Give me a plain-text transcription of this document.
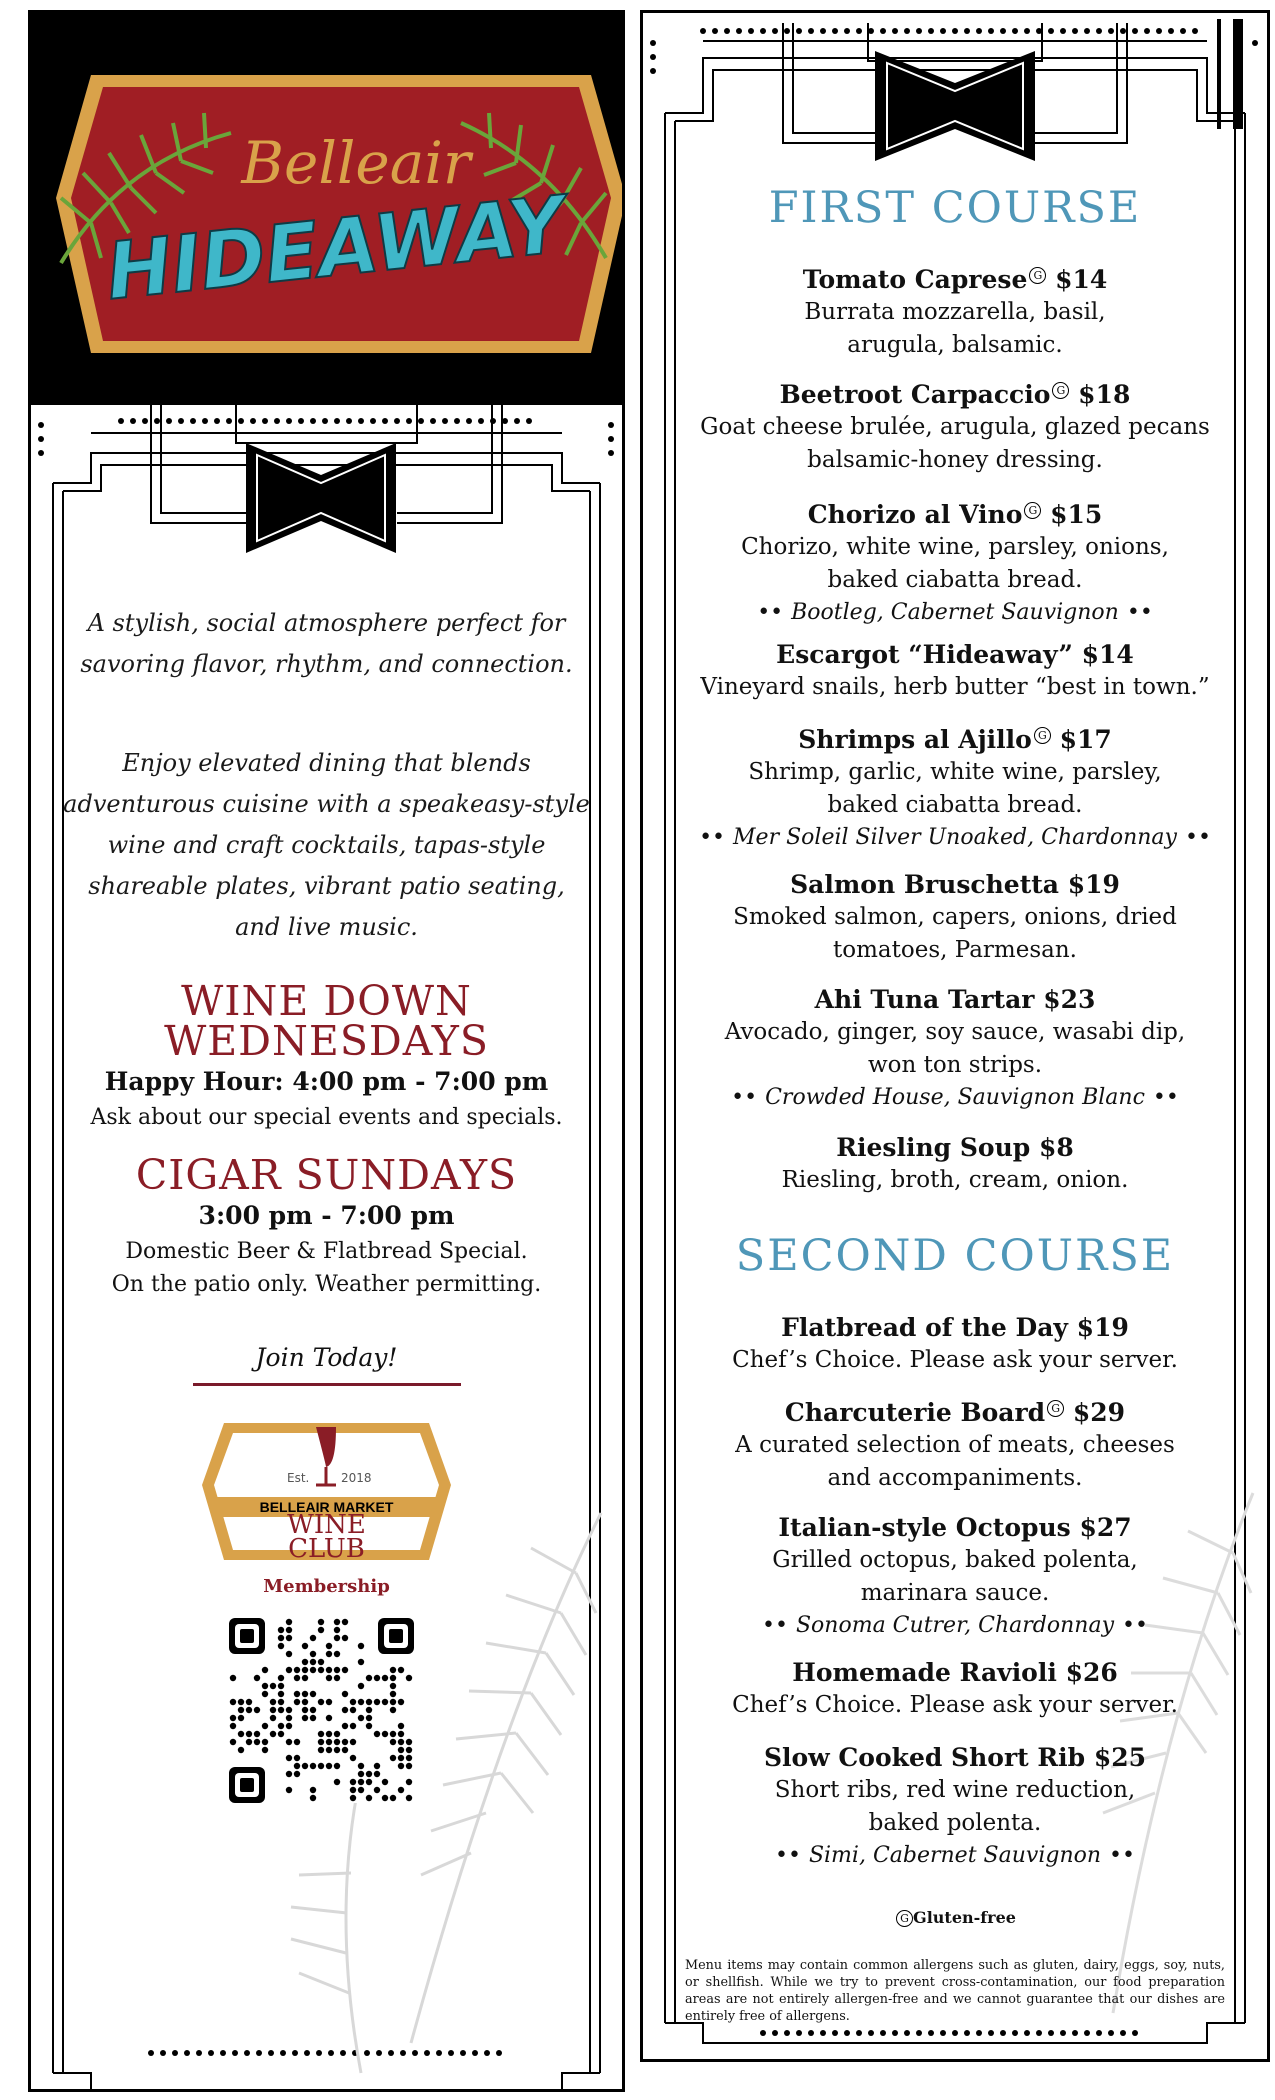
Belleair
HIDEAWAY
A stylish, social atmosphere perfect for
savoring flavor, rhythm, and connection.
Enjoy elevated dining that blends
adventurous cuisine with a speakeasy-style
wine and craft cocktails, tapas-style
shareable plates, vibrant patio seating,
and live music.
WINE DOWN
WEDNESDAYS
Happy Hour: 4:00 pm - 7:00 pm
Ask about our special events and specials.
CIGAR SUNDAYS
3:00 pm - 7:00 pm
Domestic Beer & Flatbread Special.
On the patio only. Weather permitting.
Join Today!
Est.	2018
BELLEAIR MARKET
WINE
CLUB
Membership
FIRST COURSE
Tomato Caprese G $14
Burrata mozzarella, basil,
arugula, balsamic.
Beetroot Carpaccio G $18
Goat cheese brulée, arugula, glazed pecans
balsamic-honey dressing.
Chorizo al Vino G $15
Chorizo, white wine, parsley, onions,
baked ciabatta bread.
•• Bootleg, Cabernet Sauvignon ••
Escargot “Hideaway” $14
Vineyard snails, herb butter “best in town.”
Shrimps al Ajillo G $17
Shrimp, garlic, white wine, parsley,
baked ciabatta bread.
•• Mer Soleil Silver Unoaked, Chardonnay ••
Salmon Bruschetta $19
Smoked salmon, capers, onions, dried
tomatoes, Parmesan.
Ahi Tuna Tartar $23
Avocado, ginger, soy sauce, wasabi dip,
won ton strips.
•• Crowded House, Sauvignon Blanc ••
Riesling Soup $8
Riesling, broth, cream, onion.
SECOND COURSE
Flatbread of the Day $19
Chef’s Choice. Please ask your server.
Charcuterie Board G $29
A curated selection of meats, cheeses
and accompaniments.
Italian-style Octopus $27
Grilled octopus, baked polenta,
marinara sauce.
•• Sonoma Cutrer, Chardonnay ••
Homemade Ravioli $26
Chef’s Choice. Please ask your server.
Slow Cooked Short Rib $25
Short ribs, red wine reduction,
baked polenta.
•• Simi, Cabernet Sauvignon ••
G Gluten-free
Menu items may contain common allergens such as gluten, dairy, eggs, soy, nuts, or shellfish. While we try to prevent cross-contamination, our food preparation areas are not entirely allergen-free and we cannot guarantee that our dishes are entirely free of allergens.
